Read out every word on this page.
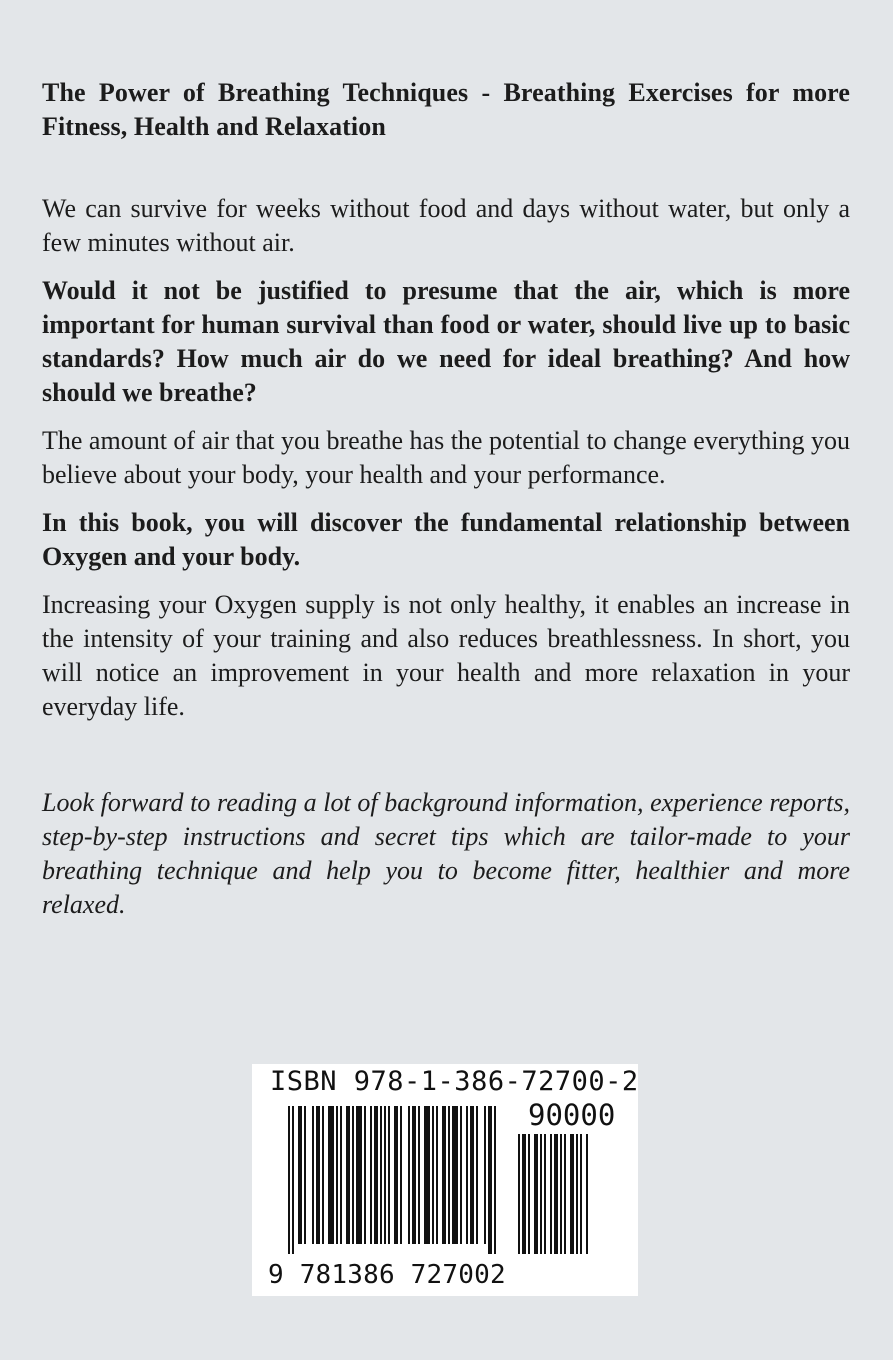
The Power of Breathing Techniques - Breathing Exercises for more Fitness, Health and Relaxation

We can survive for weeks without food and days without water, but only a few minutes without air.

Would it not be justified to presume that the air, which is more important for human survival than food or water, should live up to basic standards? How much air do we need for ideal breathing? And how should we breathe?

The amount of air that you breathe has the potential to change everything you believe about your body, your health and your performance.

In this book, you will discover the fundamental relationship between Oxygen and your body.

Increasing your Oxygen supply is not only healthy, it enables an increase in the intensity of your training and also reduces breathlessness. In short, you will notice an improvement in your health and more relaxation in your everyday life.

Look forward to reading a lot of background information, experience reports, step-by-step instructions and secret tips which are tailor-made to your breathing technique and help you to become fitter, healthier and more relaxed.

ISBN 978-1-386-72700-2
90000
9 781386 727002
